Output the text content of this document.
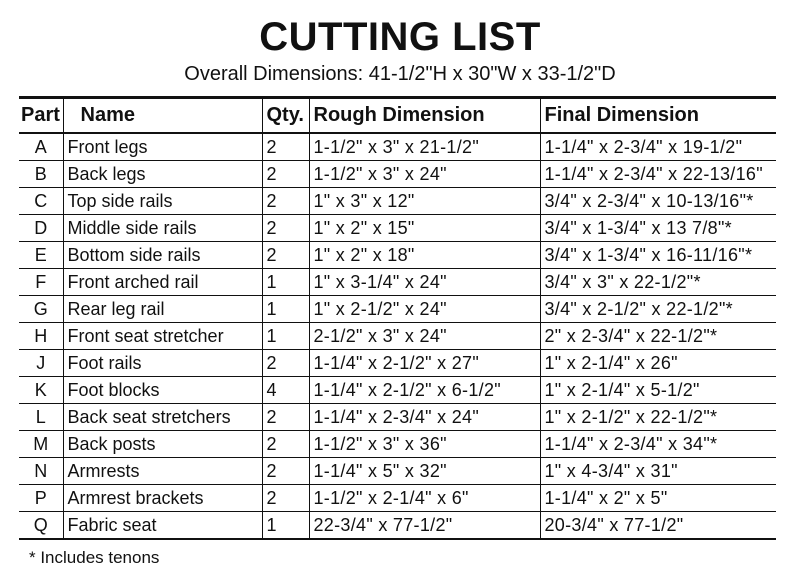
CUTTING LIST
Overall Dimensions: 41-1/2"H x 30"W x 33-1/2"D
Part	Name	Qty.	Rough Dimension	Final Dimension
A	Front legs	2	1-1/2" x 3" x 21-1/2"	1-1/4" x 2-3/4" x 19-1/2"
B	Back legs	2	1-1/2" x 3" x 24"	1-1/4" x 2-3/4" x 22-13/16"
C	Top side rails	2	1" x 3" x 12"	3/4" x 2-3/4" x 10-13/16"*
D	Middle side rails	2	1" x 2" x 15"	3/4" x 1-3/4" x 13 7/8"*
E	Bottom side rails	2	1" x 2" x 18"	3/4" x 1-3/4" x 16-11/16"*
F	Front arched rail	1	1" x 3-1/4" x 24"	3/4" x 3" x 22-1/2"*
G	Rear leg rail	1	1" x 2-1/2" x 24"	3/4" x 2-1/2" x 22-1/2"*
H	Front seat stretcher	1	2-1/2" x 3" x 24"	2" x 2-3/4" x 22-1/2"*
J	Foot rails	2	1-1/4" x 2-1/2" x 27"	1" x 2-1/4" x 26"
K	Foot blocks	4	1-1/4" x 2-1/2" x 6-1/2"	1" x 2-1/4" x 5-1/2"
L	Back seat stretchers	2	1-1/4" x 2-3/4" x 24"	1" x 2-1/2" x 22-1/2"*
M	Back posts	2	1-1/2" x 3" x 36"	1-1/4" x 2-3/4" x 34"*
N	Armrests	2	1-1/4" x 5" x 32"	1" x 4-3/4" x 31"
P	Armrest brackets	2	1-1/2" x 2-1/4" x 6"	1-1/4" x 2" x 5"
Q	Fabric seat	1	22-3/4" x 77-1/2"	20-3/4" x 77-1/2"
* Includes tenons
